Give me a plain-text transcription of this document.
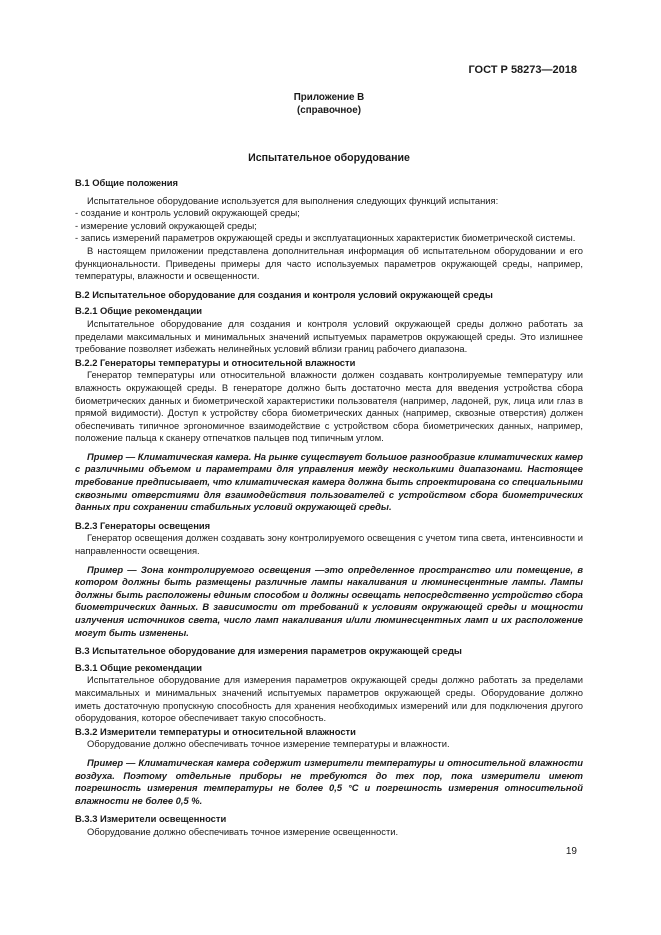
ГОСТ Р 58273—2018
Приложение В
(справочное)
Испытательное оборудование
В.1 Общие положения

Испытательное оборудование используется для выполнения следующих функций испытания:

- создание и контроль условий окружающей среды;

- измерение условий окружающей среды;

- запись измерений параметров окружающей среды и эксплуатационных характеристик биометрической системы.

В настоящем приложении представлена дополнительная информация об испытательном оборудовании и его функциональности. Приведены примеры для часто используемых параметров окружающей среды, например, температуры, влажности и освещенности.

В.2 Испытательное оборудование для создания и контроля условий окружающей среды
В.2.1 Общие рекомендации

Испытательное оборудование для создания и контроля условий окружающей среды должно работать за пределами максимальных и минимальных значений испытуемых параметров окружающей среды. Это излишнее требование позволяет избежать нелинейных условий вблизи границ рабочего диапазона.

В.2.2 Генераторы температуры и относительной влажности

Генератор температуры или относительной влажности должен создавать контролируемые температуру или влажность окружающей среды. В генераторе должно быть достаточно места для введения устройства сбора биометрических данных и биометрической характеристики пользователя (например, ладоней, рук, лица или глаз в прямой видимости). Доступ к устройству сбора биометрических данных (например, сквозные отверстия) должен обеспечивать типичное эргономичное взаимодействие с устройством сбора биометрических данных, например, положение пальца к сканеру отпечатков пальцев под типичным углом.

Пример — Климатическая камера. На рынке существует большое разнообразие климатических камер с различными объемом и параметрами для управления между несколькими диапазонами. Настоящее требование предписывает, что климатическая камера должна быть спроектирована со специальными сквозными отверстиями для взаимодействия пользователей с устройством сбора биометрических данных при сохранении стабильных условий окружающей среды.

В.2.3 Генераторы освещения

Генератор освещения должен создавать зону контролируемого освещения с учетом типа света, интенсивности и направленности освещения.

Пример — Зона контролируемого освещения —это определенное пространство или помещение, в котором должны быть размещены различные лампы накаливания и люминесцентные лампы. Лампы должны быть расположены единым способом и должны освещать непосредственно устройство сбора биометрических данных. В зависимости от требований к условиям окружающей среды и мощности излучения источников света, число ламп накаливания и/или люминесцентных ламп и их расположение могут быть изменены.

В.3 Испытательное оборудование для измерения параметров окружающей среды
В.3.1 Общие рекомендации

Испытательное оборудование для измерения параметров окружающей среды должно работать за пределами максимальных и минимальных значений испытуемых параметров окружающей среды. Оборудование должно иметь достаточную пропускную способность для хранения необходимых измерений или для подключения другого оборудования, которое обеспечивает такую способность.

В.3.2 Измерители температуры и относительной влажности

Оборудование должно обеспечивать точное измерение температуры и влажности.

Пример — Климатическая камера содержит измерители температуры и относительной влажности воздуха. Поэтому отдельные приборы не требуются до тех пор, пока измерители имеют погрешность измерения температуры не более 0,5 °С и погрешность измерения относительной влажности не более 0,5 %.

В.3.3 Измерители освещенности

Оборудование должно обеспечивать точное измерение освещенности.

19
